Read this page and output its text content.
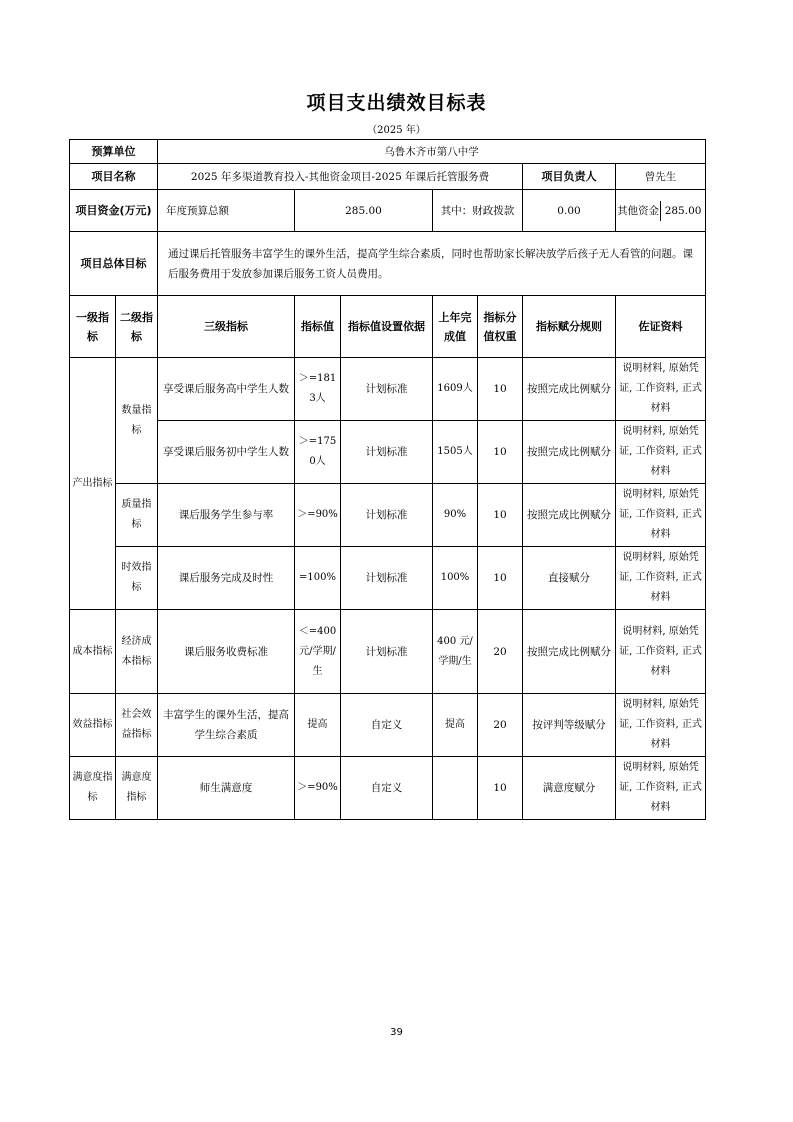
项目支出绩效目标表
（2025 年）
预算单位		乌鲁木齐市第八中学						
项目名称		2025 年多渠道教育投入-其他资金项目-2025 年课后托管服务费					项目负责人	曾先生
项目资金(万元)		年度预算总额	285.00		其中：财政拨款		0.00	其他资金 285.00

项目总体目标		通过课后托管服务丰富学生的课外生活，提高学生综合素质，同时也帮助家长解决放学后孩子无人看管的问题。课后服务费用于发放参加课后服务工资人员费用。						
一级指标	二级指标	三级指标	指标值	指标值设置依据	上年完成值	指标分值权重	指标赋分规则	佐证资料
产出指标	数量指标	享受课后服务高中学生人数	＞=1813人	计划标准	1609人	10	按照完成比例赋分	说明材料, 原始凭证, 工作资料, 正式材料
		享受课后服务初中学生人数	＞=1750人	计划标准	1505人	10	按照完成比例赋分	说明材料, 原始凭证, 工作资料, 正式材料
	质量指标	课后服务学生参与率	＞=90%	计划标准	90%	10	按照完成比例赋分	说明材料, 原始凭证, 工作资料, 正式材料
	时效指标	课后服务完成及时性	=100%	计划标准	100%	10	直接赋分	说明材料, 原始凭证, 工作资料, 正式材料
成本指标	经济成本指标	课后服务收费标准	＜=400元/学期/生	计划标准	400 元/学期/生	20	按照完成比例赋分	说明材料, 原始凭证, 工作资料, 正式材料
效益指标	社会效益指标	丰富学生的课外生活，提高学生综合素质	提高	自定义	提高	20	按评判等级赋分	说明材料, 原始凭证, 工作资料, 正式材料
满意度指标	满意度指标	师生满意度	＞=90%	自定义		10	满意度赋分	说明材料, 原始凭证, 工作资料, 正式材料
39
